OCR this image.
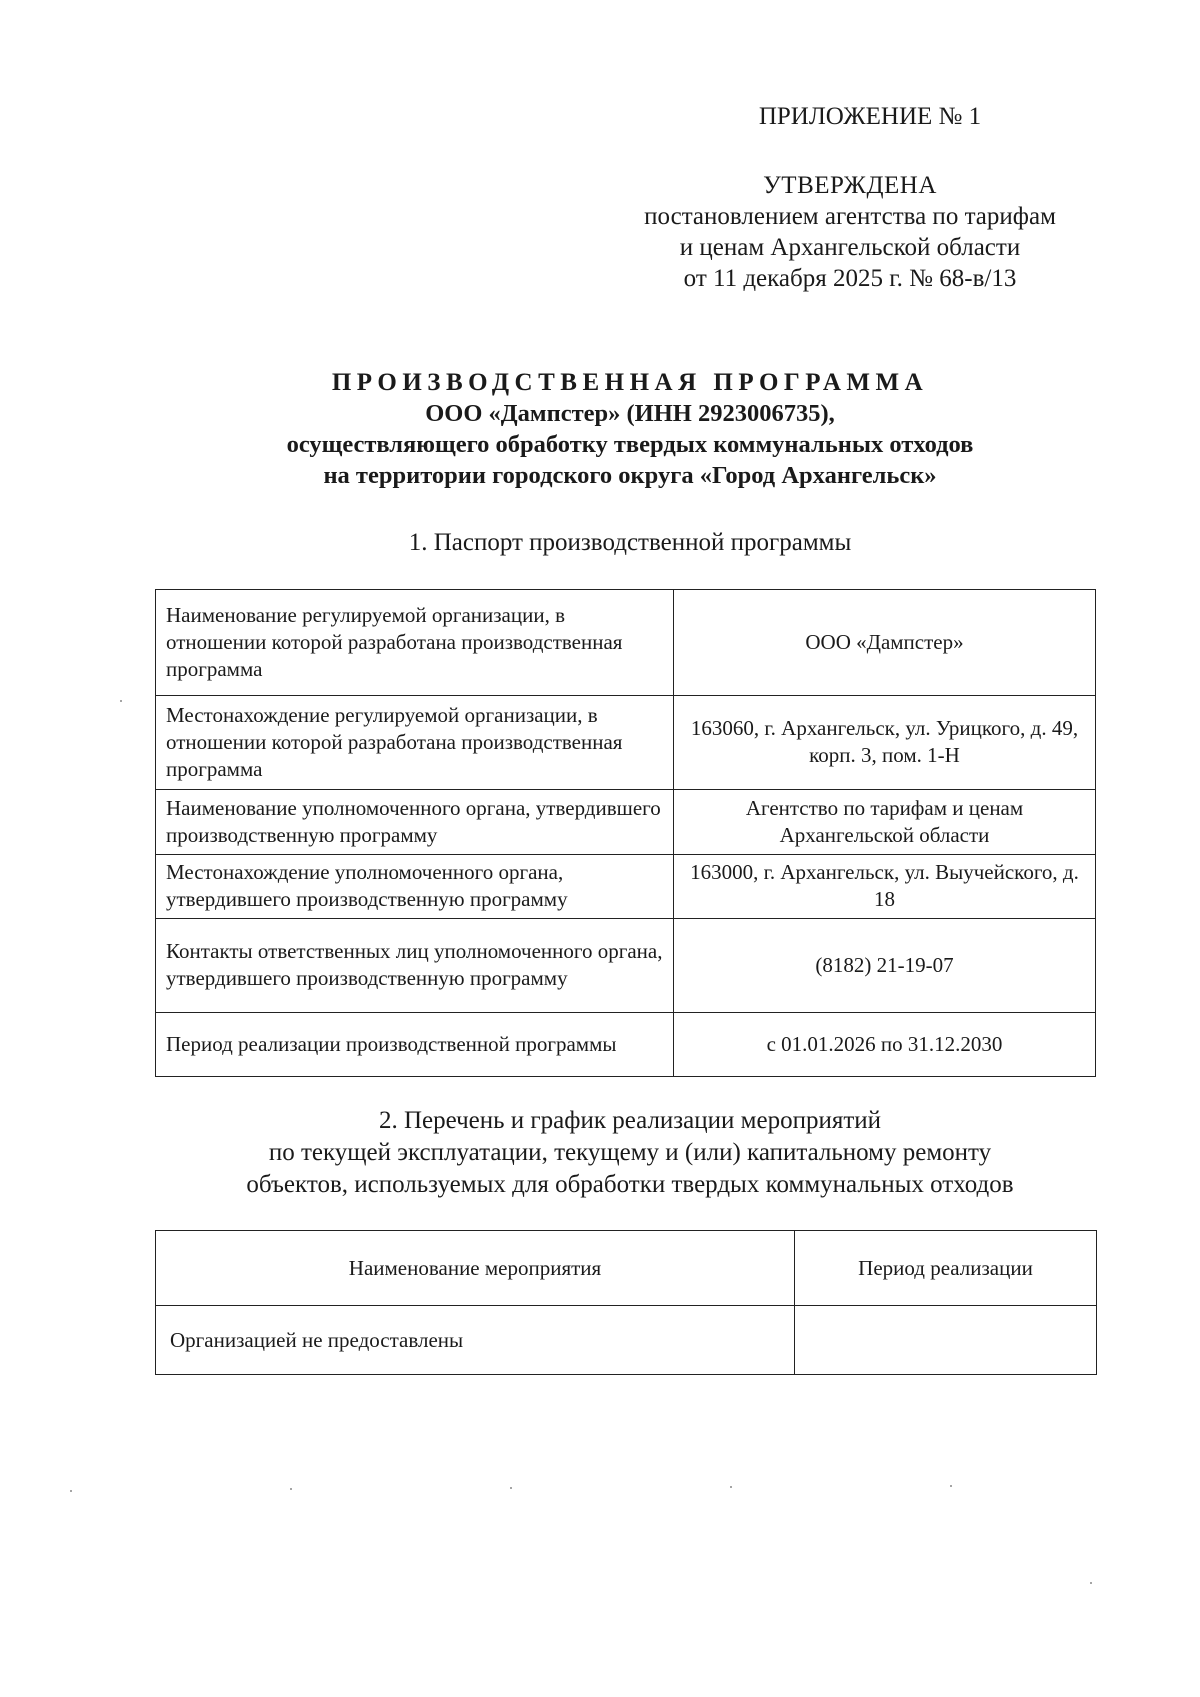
ПРИЛОЖЕНИЕ № 1
УТВЕРЖДЕНА
постановлением агентства по тарифам
и ценам Архангельской области
от 11 декабря 2025 г. № 68-в/13
ПРОИЗВОДСТВЕННАЯ ПРОГРАММА
ООО «Дампстер» (ИНН 2923006735),
осуществляющего обработку твердых коммунальных отходов
на территории городского округа «Город Архангельск»
1. Паспорт производственной программы
Наименование регулируемой организации, в отношении которой разработана производственная программа	ООО «Дампстер»
Местонахождение регулируемой организации, в отношении которой разработана производственная программа	163060, г. Архангельск, ул. Урицкого, д. 49, корп. 3, пом. 1-Н
Наименование уполномоченного органа, утвердившего производственную программу	Агентство по тарифам и ценам Архангельской области
Местонахождение уполномоченного органа, утвердившего производственную программу	163000, г. Архангельск, ул. Выучейского, д. 18
Контакты ответственных лиц уполномоченного органа, утвердившего производственную программу	(8182) 21-19-07
Период реализации производственной программы	с 01.01.2026 по 31.12.2030
2. Перечень и график реализации мероприятий
по текущей эксплуатации, текущему и (или) капитальному ремонту
объектов, используемых для обработки твердых коммунальных отходов
Наименование мероприятия	Период реализации
Организацией не предоставлены	
